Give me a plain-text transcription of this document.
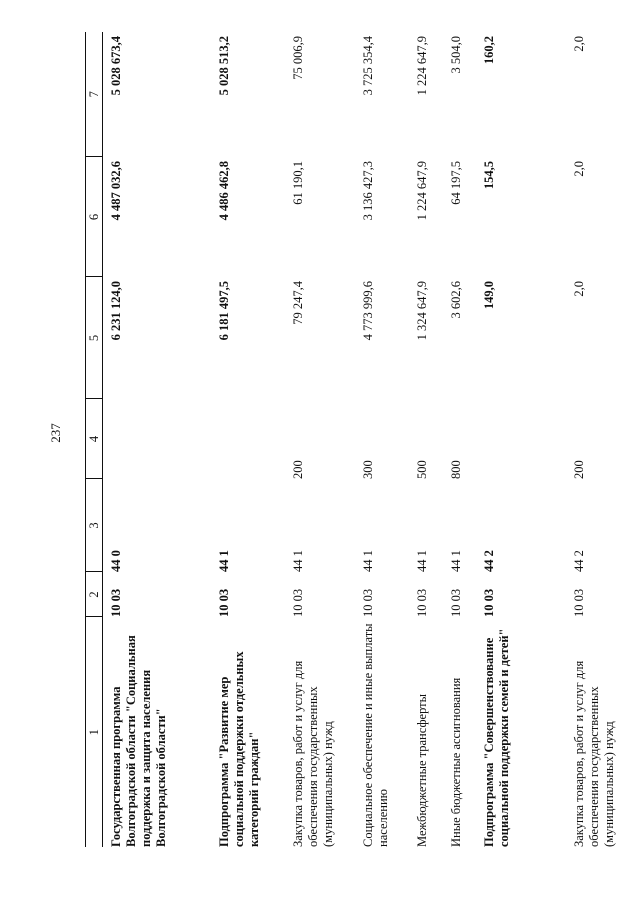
237
1	2	3	4	5	6	7
Государственная программа Волгоградской области "Социальная поддержка и защита населения Волгоградской области"	10 03	44 0		6 231 124,0	4 487 032,6	5 028 673,4
Подпрограмма "Развитие мер социальной поддержки отдельных категорий граждан"	10 03	44 1		6 181 497,5	4 486 462,8	5 028 513,2
Закупка товаров, работ и услуг для обеспечения государственных (муниципальных) нужд	10 03	44 1	200	79 247,4	61 190,1	75 006,9
Социальное обеспечение и иные выплаты населению	10 03	44 1	300	4 773 999,6	3 136 427,3	3 725 354,4
Межбюджетные трансферты	10 03	44 1	500	1 324 647,9	1 224 647,9	1 224 647,9
Иные бюджетные ассигнования	10 03	44 1	800	3 602,6	64 197,5	3 504,0
Подпрограмма "Совершенствование социальной поддержки семей и детей"	10 03	44 2		149,0	154,5	160,2
Закупка товаров, работ и услуг для обеспечения государственных (муниципальных) нужд	10 03	44 2	200	2,0	2,0	2,0
